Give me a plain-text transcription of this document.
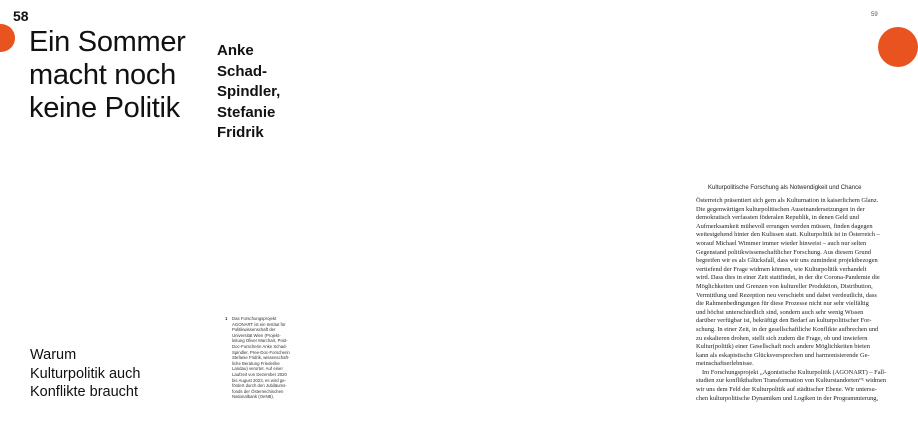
58
Ein Sommer
macht noch
keine Politik
Anke
Schad-
Spindler,
Stefanie
Fridrik
Warum
Kulturpolitik auch
Konflikte braucht
1 Das Forschungsprojekt
AGONART ist ein Institut für
Politikwissenschaft der
Universität Wien (Projekt-
leitung Oliver Marchart, Post-
Doc-Forscherin Anke Schad-
Spindler, Pree-Doc-Forscherin
Stefanie Fridrik, wissenschaft-
liche Beratung Friederike
Landau) verortet. Auf einer
Laufzeit von Dezember 2020
bis August 2023, es wird ge-
fördert durch den Jubiläums-
fonds der Österreichischen
Nationalbank (OeNB).
59
Kulturpolitische Forschung als Notwendigkeit und Chance
Österreich präsentiert sich gern als Kulturnation in kaiserlichem Glanz.
Die gegenwärtigen kulturpolitischen Auseinandersetzungen in der
demokratisch verfassten föderalen Republik, in denen Geld und
Aufmerksamkeit mühevoll errungen werden müssen, finden dagegen
weitestgehend hinter den Kulissen statt. Kulturpolitik ist in Österreich –
worauf Michael Wimmer immer wieder hinweist – auch nur selten
Gegenstand politikwissenschaftlicher Forschung. Aus diesem Grund
begreifen wir es als Glücksfall, dass wir uns zumindest projektbezogen
vertiefend der Frage widmen können, wie Kulturpolitik verhandelt
wird. Dass dies in einer Zeit stattfindet, in der die Corona-Pandemie die
Möglichkeiten und Grenzen von kultureller Produktion, Distribution,
Vermittlung und Rezeption neu verschiebt und dabei verdeutlicht, dass
die Rahmenbedingungen für diese Prozesse nicht nur sehr vielfältig
und höchst unterschiedlich sind, sondern auch sehr wenig Wissen
darüber verfügbar ist, bekräftigt den Bedarf an kulturpolitischer For-
schung. In einer Zeit, in der gesellschaftliche Konflikte aufbrechen und
zu eskalieren drohen, stellt sich zudem die Frage, ob und inwiefern
Kultur(politik) einer Gesellschaft noch andere Möglichkeiten bieten
kann als eskapistische Glücksversprechen und harmonisierende Ge-
meinschaftserlebnisse.
Im Forschungsprojekt „Agonistische Kulturpolitik (AGONART) – Fall-
studien zur konflikthaften Transformation von Kulturstandorten“¹ widmen
wir uns dem Feld der Kulturpolitik auf städtischer Ebene. Wir untersu-
chen kulturpolitische Dynamiken und Logiken in der Programmierung,
